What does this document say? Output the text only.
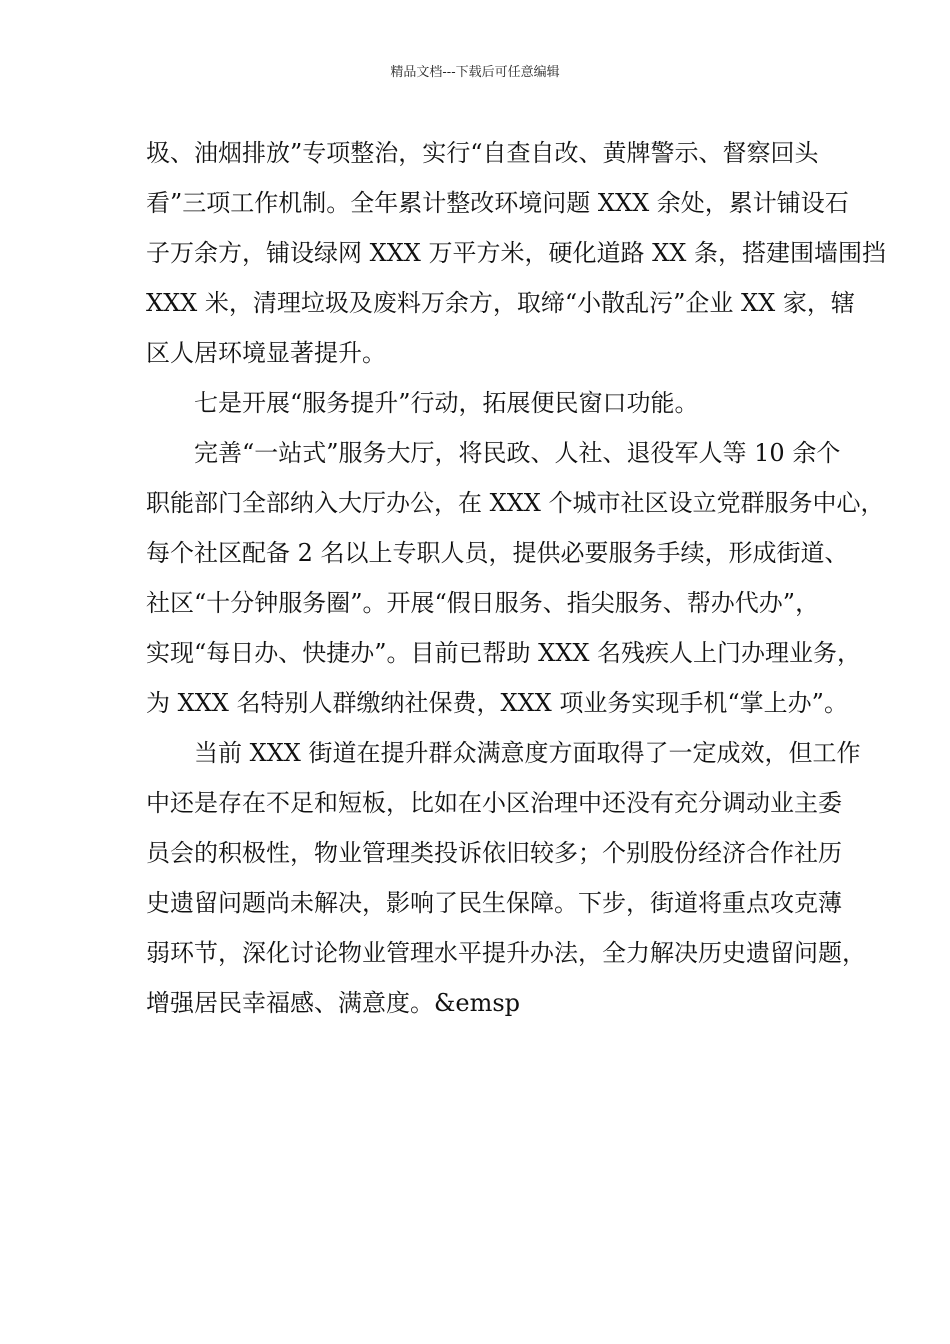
精品文档---下载后可任意编辑
圾、油烟排放”专项整治，实行“自查自改、黄牌警示、督察回头
看”三项工作机制。全年累计整改环境问题 XXX 余处，累计铺设石
子万余方，铺设绿网 XXX 万平方米，硬化道路 XX 条，搭建围墙围挡
XXX 米，清理垃圾及废料万余方，取缔“小散乱污”企业 XX 家，辖
区人居环境显著提升。
七是开展“服务提升”行动，拓展便民窗口功能。
完善“一站式”服务大厅，将民政、人社、退役军人等 10 余个
职能部门全部纳入大厅办公，在 XXX 个城市社区设立党群服务中心，
每个社区配备 2 名以上专职人员，提供必要服务手续，形成街道、
社区“十分钟服务圈”。开展“假日服务、指尖服务、帮办代办”，
实现“每日办、快捷办”。目前已帮助 XXX 名残疾人上门办理业务，
为 XXX 名特别人群缴纳社保费，XXX 项业务实现手机“掌上办”。
当前 XXX 街道在提升群众满意度方面取得了一定成效，但工作
中还是存在不足和短板，比如在小区治理中还没有充分调动业主委
员会的积极性，物业管理类投诉依旧较多；个别股份经济合作社历
史遗留问题尚未解决，影响了民生保障。下步，街道将重点攻克薄
弱环节，深化讨论物业管理水平提升办法，全力解决历史遗留问题，
增强居民幸福感、满意度。&emsp
